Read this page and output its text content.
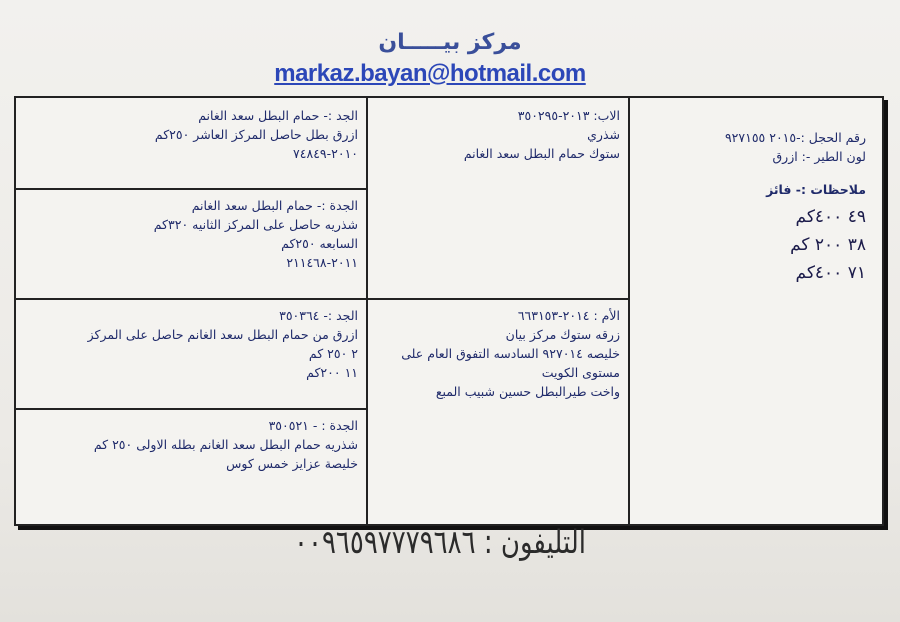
مركز بيـــــان
markaz.bayan@hotmail.com
رقم الحجل :-٢٠١٥ ٩٢٧١٥٥
لون الطير -: ازرق
ملاحظات :- فائز
٤٩ ٤٠٠كم
٣٨ ٢٠٠ كم
٧١ ٤٠٠كم
الاب: ٢٠١٣-٣٥٠٢٩٥
شذري
ستوك حمام البطل سعد الغانم
الأم : ٢٠١٤-٦٦٣١٥٣
زرقه ستوك مركز بيان
خليصه ٩٢٧٠١٤ السادسه التفوق العام على
مستوى الكويت
واخت طيرالبطل حسين شبيب المبع
الجد :- حمام البطل سعد الغانم
ازرق بطل حاصل المركز العاشر ٢٥٠كم
٢٠١٠-٧٤٨٤٩
الجدة :- حمام البطل سعد الغانم
شذريه حاصل على المركز الثانيه ٣٢٠كم
السابعه ٢٥٠كم
٢٠١١-٢١١٤٦٨
الجد :- ٣٥٠٣٦٤
ازرق من حمام البطل سعد الغانم حاصل على المركز
٢ ٢٥٠ كم
١١ ٢٠٠كم
الجدة : - ٣٥٠٥٢١
شذريه حمام البطل سعد الغانم بطله الاولى ٢٥٠ كم
خليصة عزايز خمس كوس
التليفون : ٠٠٩٦٥٩٧٧٧٩٦٨٦
